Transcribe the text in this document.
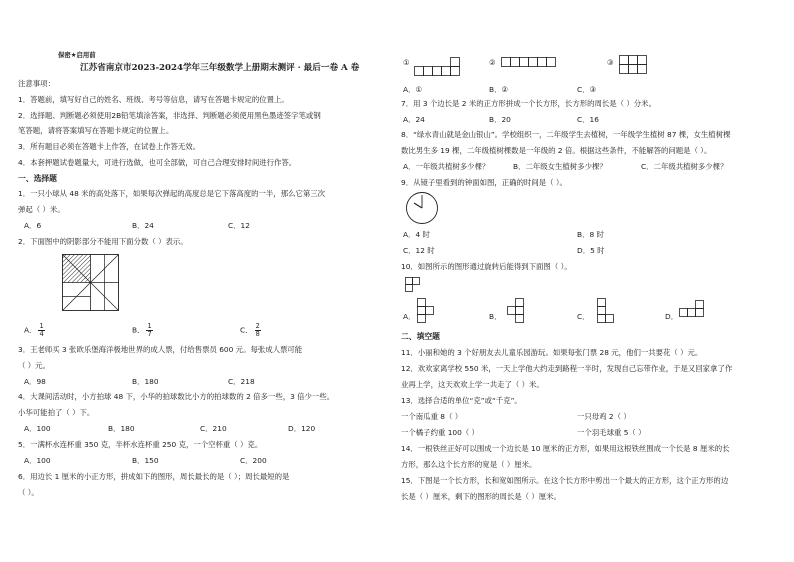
保密★启用前
江苏省南京市2023-2024学年三年级数学上册期末测评 · 最后一卷 A 卷
注意事项：
1．答题前，填写好自己的姓名、班级、考号等信息，请写在答题卡规定的位置上。
2．选择题、判断题必须使用2B铅笔填涂答案，非选择、判断题必须使用黑色墨迹签字笔或钢
笔答题，请将答案填写在答题卡规定的位置上。
3．所有题目必须在答题卡上作答，在试卷上作答无效。
4．本套押题试卷题量大，可进行选做，也可全部做，可自己合理安排时间进行作答。
一、选择题
1．一只小球从 48 米的高处落下，如果每次弹起的高度总是它下落高度的一半，那么它第三次
弹起（ ）米。
A．6	B．24	C．12
2．下面图中的阴影部分不能用下面分数（ ）表示。
A． $\frac{1}{4}$	B． $\frac{1}{7}$	C． $\frac{2}{8}$
3．王老师买 3 张欧乐堡海洋极地世界的成人票，付给售票员 600 元。每张成人票可能
（ ）元。
A．98	B．180	C．218
4．大课间活动时，小方拍球 48 下，小华的拍球数比小方的拍球数的 2 倍多一些，3 倍少一些。
小华可能拍了（ ）下。
A．100	B．180	C．210	D．120
5．一满杯水连杯重 350 克，半杯水连杯重 250 克，一个空杯重（ ）克。
A．100	B．150	C．200
6．用边长 1 厘米的小正方形，拼成如下的图形，周长最长的是（ ）；周长最短的是
（ ）。
①	②	③
A．①	B．②	C．③
7．用 3 个边长是 2 米的正方形拼成一个长方形，长方形的周长是（ ）分米。
A．24	B．20	C．16
8．“绿水青山就是金山银山”。学校组织一，二年级学生去植树，一年级学生植树 87 棵，女生植树棵
数比男生多 19 棵，二年级植树棵数是一年级的 2 倍。根据这些条件，不能解答的问题是（ ）。
A．一年级共植树多少棵？	B．二年级女生植树多少棵？	C．二年级共植树多少棵？
9．从镜子里看到的钟面如图，正确的时间是（ ）。
A．4 时	B．8 时
C．12 时	D．5 时
10．如图所示的图形通过旋转后能得到下面图（ ）。
A．	B．	C．	D．
二、填空题
11．小丽和她的 3 个好朋友去儿童乐园游玩。如果每张门票 28 元，他们一共要花（ ）元。
12．欢欢家离学校 550 米，一天上学他大约走到路程一半时，发现自己忘带作业，于是又回家拿了作
业再上学，这天欢欢上学一共走了（ ）米。
13．选择合适的单位“克”或“千克”。
一个南瓜重 8（ ）	一只母鸡 2（ ）
一个橘子约重 100（ ）	一个羽毛球重 5（ ）
14．一根铁丝正好可以围成一个边长是 10 厘米的正方形，如果用这根铁丝围成一个长是 8 厘米的长
方形，那么这个长方形的宽是（ ）厘米。
15．下图是一个长方形，长和宽如图所示。在这个长方形中剪出一个最大的正方形，这个正方形的边
长是（ ）厘米，剩下的图形的周长是（ ）厘米。
